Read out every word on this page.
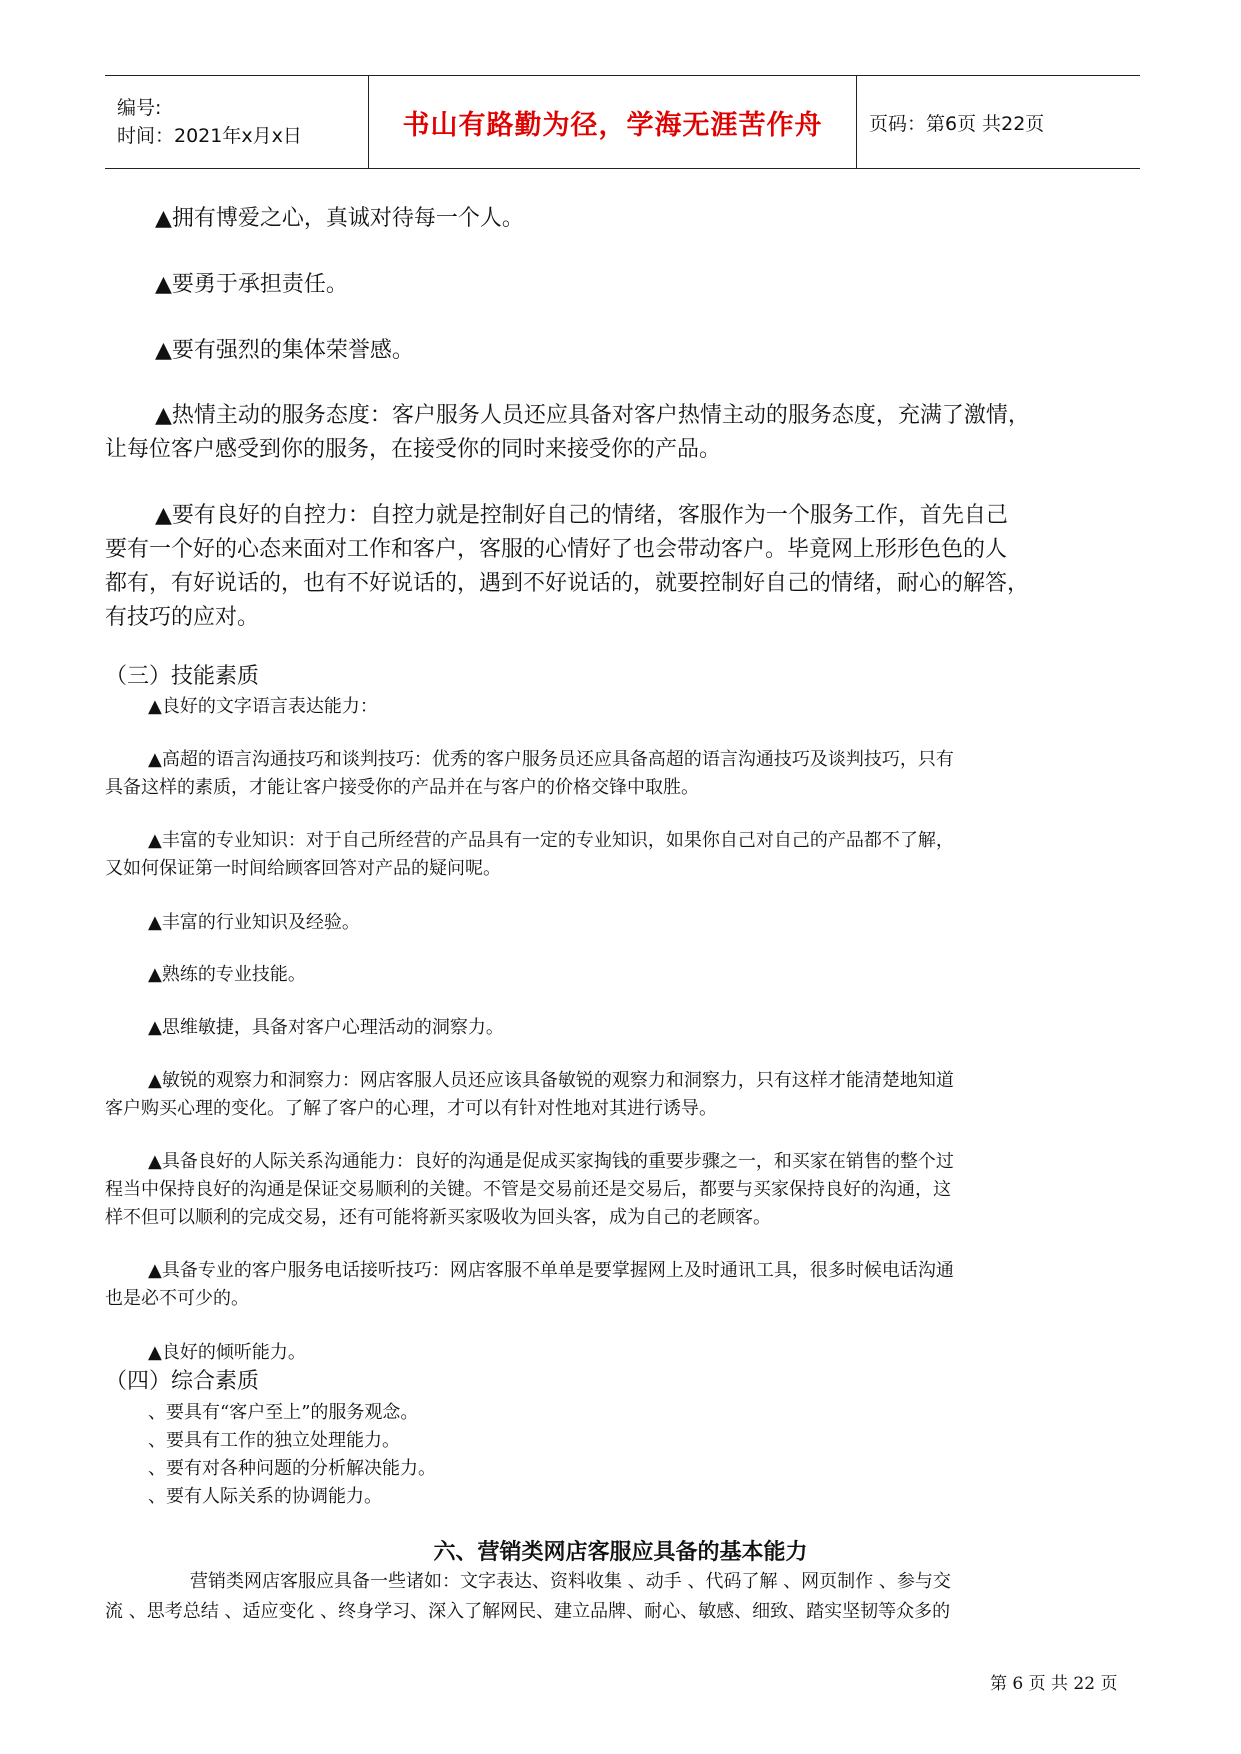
编号:
时间：2021年x月x日	书山有路勤为径，学海无涯苦作舟 页码：第6页 共22页
▲拥有博爱之心，真诚对待每一个人。
▲要勇于承担责任。
▲要有强烈的集体荣誉感。
▲热情主动的服务态度：客户服务人员还应具备对客户热情主动的服务态度，充满了激情，
让每位客户感受到你的服务，在接受你的同时来接受你的产品。
▲要有良好的自控力：自控力就是控制好自己的情绪，客服作为一个服务工作，首先自己
要有一个好的心态来面对工作和客户，客服的心情好了也会带动客户。毕竟网上形形色色的人
都有，有好说话的，也有不好说话的，遇到不好说话的，就要控制好自己的情绪，耐心的解答，
有技巧的应对。
（三）技能素质
▲良好的文字语言表达能力：
▲高超的语言沟通技巧和谈判技巧：优秀的客户服务员还应具备高超的语言沟通技巧及谈判技巧，只有
具备这样的素质，才能让客户接受你的产品并在与客户的价格交锋中取胜。
▲丰富的专业知识：对于自己所经营的产品具有一定的专业知识，如果你自己对自己的产品都不了解，
又如何保证第一时间给顾客回答对产品的疑问呢。
▲丰富的行业知识及经验。
▲熟练的专业技能。
▲思维敏捷，具备对客户心理活动的洞察力。
▲敏锐的观察力和洞察力：网店客服人员还应该具备敏锐的观察力和洞察力，只有这样才能清楚地知道
客户购买心理的变化。了解了客户的心理，才可以有针对性地对其进行诱导。
▲具备良好的人际关系沟通能力：良好的沟通是促成买家掏钱的重要步骤之一，和买家在销售的整个过
程当中保持良好的沟通是保证交易顺利的关键。不管是交易前还是交易后，都要与买家保持良好的沟通，这
样不但可以顺利的完成交易，还有可能将新买家吸收为回头客，成为自己的老顾客。
▲具备专业的客户服务电话接听技巧：网店客服不单单是要掌握网上及时通讯工具，很多时候电话沟通
也是必不可少的。
▲良好的倾听能力。
（四）综合素质
、要具有“客户至上”的服务观念。
、要具有工作的独立处理能力。
、要有对各种问题的分析解决能力。
、要有人际关系的协调能力。
六、营销类网店客服应具备的基本能力
营销类网店客服应具备一些诸如：文字表达、资料收集 、动手 、代码了解 、网页制作 、参与交
流 、思考总结 、适应变化 、终身学习、深入了解网民、建立品牌、耐心、敏感、细致、踏实坚韧等众多的
第 6 页 共 22 页
